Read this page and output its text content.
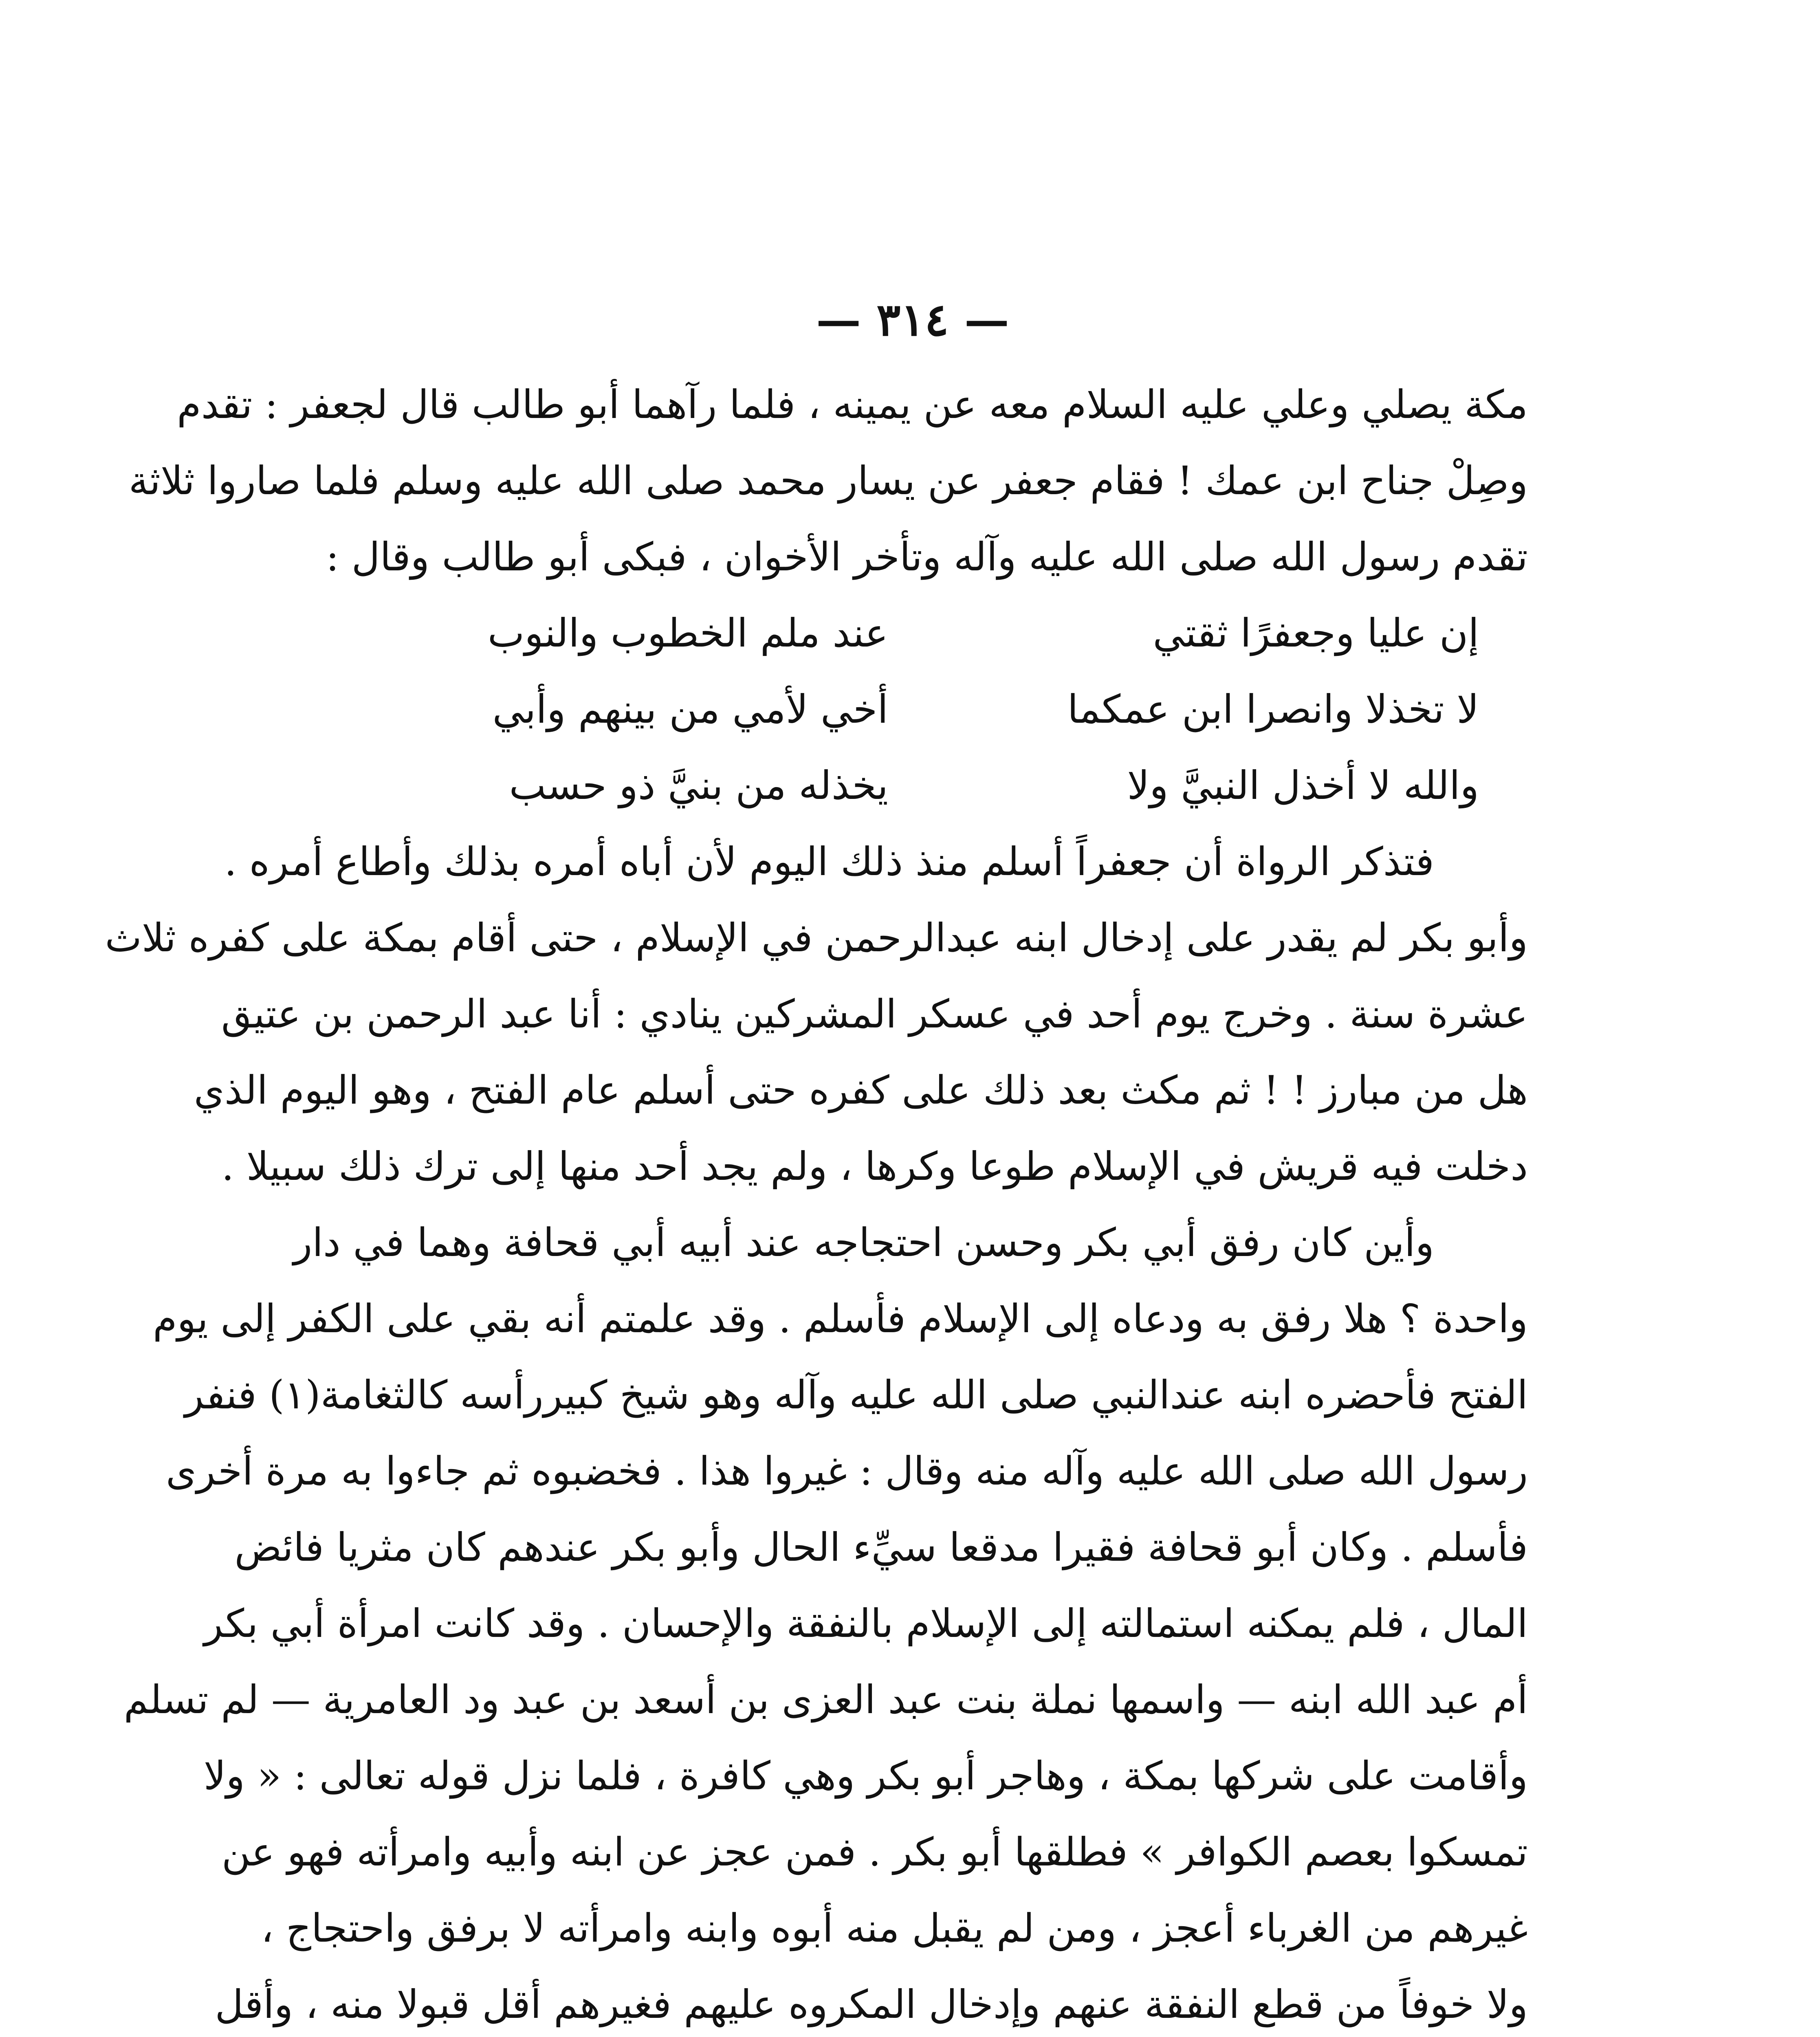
— ٣١٤ —
مكة يصلي وعلي عليه السلام معه عن يمينه ، فلما رآهما أبو طالب قال لجعفر : تقدم
وصِلْ جناح ابن عمك ! فقام جعفر عن يسار محمد صلى الله عليه وسلم فلما صاروا ثلاثة
تقدم رسول الله صلى الله عليه وآله وتأخر الأخوان ، فبكى أبو طالب وقال :
إن عليا وجعفرًا ثقتي
عند ملم الخطوب والنوب
لا تخذلا وانصرا ابن عمكما
أخي لأمي من بينهم وأبي
والله لا أخذل النبيَّ ولا
يخذله من بنيَّ ذو حسب
فتذكر الرواة أن جعفراً أسلم منذ ذلك اليوم لأن أباه أمره بذلك وأطاع أمره .
وأبو بكر لم يقدر على إدخال ابنه عبدالرحمن في الإسلام ، حتى أقام بمكة على كفره ثلاث
عشرة سنة . وخرج يوم أحد في عسكر المشركين ينادي : أنا عبد الرحمن بن عتيق
هل من مبارز ! ! ثم مكث بعد ذلك على كفره حتى أسلم عام الفتح ، وهو اليوم الذي
دخلت فيه قريش في الإسلام طوعا وكرها ، ولم يجد أحد منها إلى ترك ذلك سبيلا .
وأين كان رفق أبي بكر وحسن احتجاجه عند أبيه أبي قحافة وهما في دار
واحدة ؟ هلا رفق به ودعاه إلى الإسلام فأسلم . وقد علمتم أنه بقي على الكفر إلى يوم
الفتح فأحضره ابنه عندالنبي صلى الله عليه وآله وهو شيخ كبيررأسه كالثغامة(١) فنفر
رسول الله صلى الله عليه وآله منه وقال : غيروا هذا . فخضبوه ثم جاءوا به مرة أخرى
فأسلم . وكان أبو قحافة فقيرا مدقعا سيِّء الحال وأبو بكر عندهم كان مثريا فائض
المال ، فلم يمكنه استمالته إلى الإسلام بالنفقة والإحسان . وقد كانت امرأة أبي بكر
أم عبد الله ابنه — واسمها نملة بنت عبد العزى بن أسعد بن عبد ود العامرية — لم تسلم
وأقامت على شركها بمكة ، وهاجر أبو بكر وهي كافرة ، فلما نزل قوله تعالى : « ولا
تمسكوا بعصم الكوافر » فطلقها أبو بكر . فمن عجز عن ابنه وأبيه وامرأته فهو عن
غيرهم من الغرباء أعجز ، ومن لم يقبل منه أبوه وابنه وامرأته لا برفق واحتجاج ،
ولا خوفاً من قطع النفقة عنهم وإدخال المكروه عليهم فغيرهم أقل قبولا منه ، وأقل
